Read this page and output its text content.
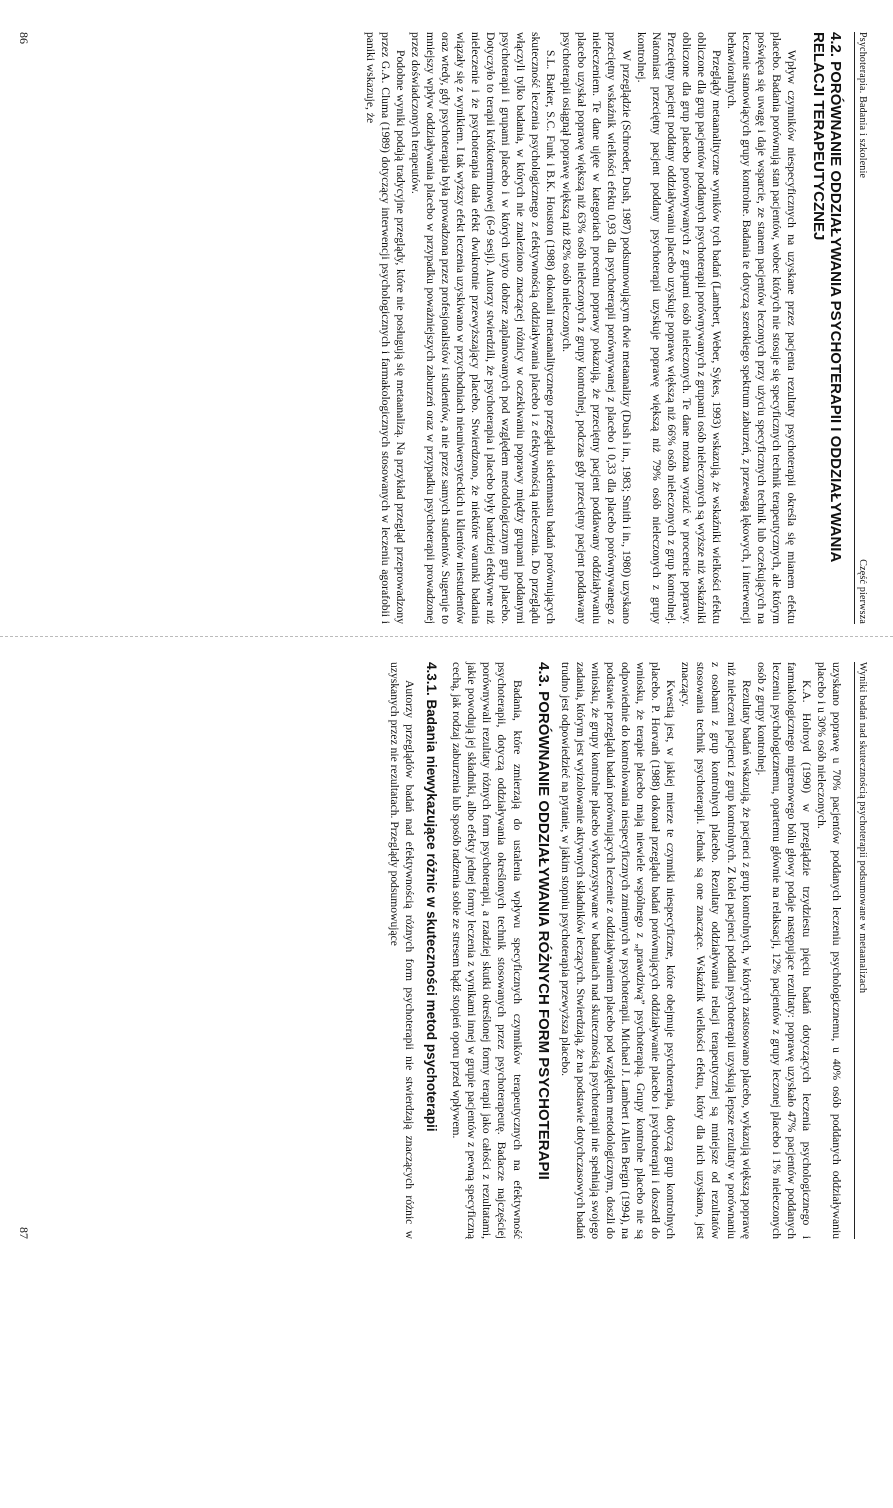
Psychoterapia. Badania i szkolenie
Część pierwsza
4.2. PORÓWNANIE ODDZIAŁYWANIA PSYCHOTERAPII I ODDZIAŁYWANIA RELACJI TERAPEUTYCZNEJ

Wpływ czynników niespecyficznych na uzyskane przez pacjenta rezultaty psychoterapii określa się mianem efektu placebo. Badania porównują stan pacjentów, wobec których nie stosuje się specyficznych technik terapeutycznych, ale którym poświęca się uwagę i daje wsparcie, ze stanem pacjentów leczonych przy użyciu specyficznych technik lub oczekujących na leczenie stanowiących grupy kontrolne. Badania te dotyczą szerokiego spektrum zaburzeń, z przewagą lękowych, i interwencji behawioralnych.

Przeglądy metaanalityczne wyników tych badań (Lambert, Weber, Sykes, 1993) wskazują, że wskaźniki wielkości efektu obliczone dla grup pacjentów poddanych psychoterapii porównywanych z grupami osób nieleczonych są wyższe niż wskaźniki obliczone dla grup placebo porównywanych z grupami osób nieleczonych. Te dane można wyrazić w procencie poprawy. Przeciętny pacjent poddany oddziaływaniu placebo uzyskuje poprawę większą niż 66% osób nieleczonych z grup kontrolnej. Natomiast przeciętny pacjent poddany psychoterapii uzyskuje poprawę większą niż 79% osób nieleczonych z grupy kontrolnej.

W przeglądzie (Schroeder, Dush, 1987) podsumowującym dwie metaanalizy (Dush i in., 1983; Smith i in., 1980) uzyskano przeciętny wskaźnik wielkości efektu 0,93 dla psychoterapii porównywanej z placebo i 0,33 dla placebo porównywanego z nieleczeniem. Te dane ujęte w kategoriach procentu poprawy pokazują, że przeciętny pacjent poddawany oddziaływaniu placebo uzyskał poprawę większą niż 63% osób nieleczonych z grupy kontrolnej, podczas gdy przeciętny pacjent poddawany psychoterapii osiągnął poprawę większą niż 82% osób nieleczonych.

S.L. Barker, S.C. Funk i B.K. Houston (1988) dokonali metaanalitycznego przeglądu siedemnastu badań porównujących skuteczność leczenia psychologicznego z efektywnością oddziaływania placebo i z efektywnością nieleczenia. Do przeglądu włączyli tylko badania, w których nie znaleziono znaczącej różnicy w oczekiwaniu poprawy między grupami poddanymi psychoterapii i grupami placebo i w których użyto dobrze zaplanowanych pod względem metodologicznym grup placebo. Dotyczyło to terapii krótkoterminowej (6-9 sesji). Autorzy stwierdzili, że psychoterapia i placebo były bardziej efektywne niż nieleczenie i że psychoterapia dała efekt dwukrotnie przewyższający placebo. Stwierdzono, że niektóre warunki badania wiązały się z wynikiem. I tak wyższy efekt leczenia uzyskiwano w przychodniach nieuniwersyteckich u klientów niestudentów oraz wtedy, gdy psychoterapia była prowadzona przez profesjonalistów i studentów, a nie przez samych studentów. Sugeruje to mniejszy wpływ oddziaływania placebo w przypadku poważniejszych zaburzeń oraz w przypadku psychoterapii prowadzonej przez doświadczonych terapeutów.

Podobne wyniki podają tradycyjne przeglądy, które nie posługują się metaanalizą. Na przykład przegląd przeprowadzony przez G.A. Clumа (1989) dotyczący interwencji psychologicznych i farmakologicznych stosowanych w leczeniu agorafobii i paniki wskazuje, że

86
Wyniki badań nad skutecznością psychoterapii podsumowane w metaanalizach

uzyskano poprawę u 70% pacjentów poddanych leczeniu psychologicznemu, u 40% osób poddanych oddziaływaniu placebo i u 30% osób nieleczonych.

K.A. Holroyd (1990) w przeglądzie trzydziestu pięciu badań dotyczących leczenia psychologicznego i farmakologicznego migrenowego bólu głowy podaje następujące rezultaty: poprawę uzyskało 47% pacjentów poddanych leczeniu psychologicznemu, opartemu głównie na relaksacji, 12% pacjentów z grupy leczonej placebo i 1% nieleczonych osób z grupy kontrolnej.

Rezultaty badań wskazują, że pacjenci z grup kontrolnych, w których zastosowano placebo, wykazują większą poprawę niż nieleczeni pacjenci z grup kontrolnych. Z kolei pacjenci poddani psychoterapii uzyskują lepsze rezultaty w porównaniu z osobami z grup kontrolnych placebo. Rezultaty oddziaływania relacji terapeutycznej są mniejsze od rezultatów stosowania technik psychoterapii. Jednak są one znaczące. Wskaźnik wielkości efektu, który dla nich uzyskano, jest znaczący.

Kwestią jest, w jakiej mierze te czynniki niespecyficzne, które obejmuje psychoterapia, dotyczą grup kontrolnych placebo. P. Horvath (1988) dokonał przeglądu badań porównujących oddziaływanie placebo i psychoterapii i doszedł do wniosku, że terapie placebo mają niewiele wspólnego z „prawdziwą” psychoterapią. Grupy kontrolne placebo nie są odpowiednie do kontrolowania niespecyficznych zmiennych w psychoterapii. Michael J. Lambert i Allen Bergin (1994), na podstawie przeglądu badań porównujących leczenie z oddziaływaniem placebo pod względem metodologicznym, doszli do wniosku, że grupy kontrolne placebo wykorzystywane w badaniach nad skutecznością psychoterapii nie spełniają swojego zadania, którym jest wyizolowanie aktywnych składników leczących. Stwierdzają, że na podstawie dotychczasowych badań trudno jest odpowiedzieć na pytanie, w jakim stopniu psychoterapia przewyższa placebo.

4.3. PORÓWNANIE ODDZIAŁYWANIA RÓŻNYCH FORM PSYCHOTERAPII

Badania, które zmierzają do ustalenia wpływu specyficznych czynników terapeutycznych na efektywność psychoterapii, dotyczą oddziaływania określonych technik stosowanych przez psychoterapeutę. Badacze najczęściej porównywali rezultaty różnych form psychoterapii, a rzadziej skutki określonej formy terapii jako całości z rezultatami, jakie powodują jej składniki, albo efekty jednej formy leczenia z wynikami innej w grupie pacjentów z pewną specyficzną cechą, jak rodzaj zaburzenia lub sposób radzenia sobie ze stresem bądź stopień oporu przed wpływem.

4.3.1. Badania niewykazujące różnic w skuteczności metod psychoterapii

Autorzy przeglądów badań nad efektywnością różnych form psychoterapii nie stwierdzają znaczących różnic w uzyskanych przez nie rezultatach. Przeglądy podsumowujące

87
